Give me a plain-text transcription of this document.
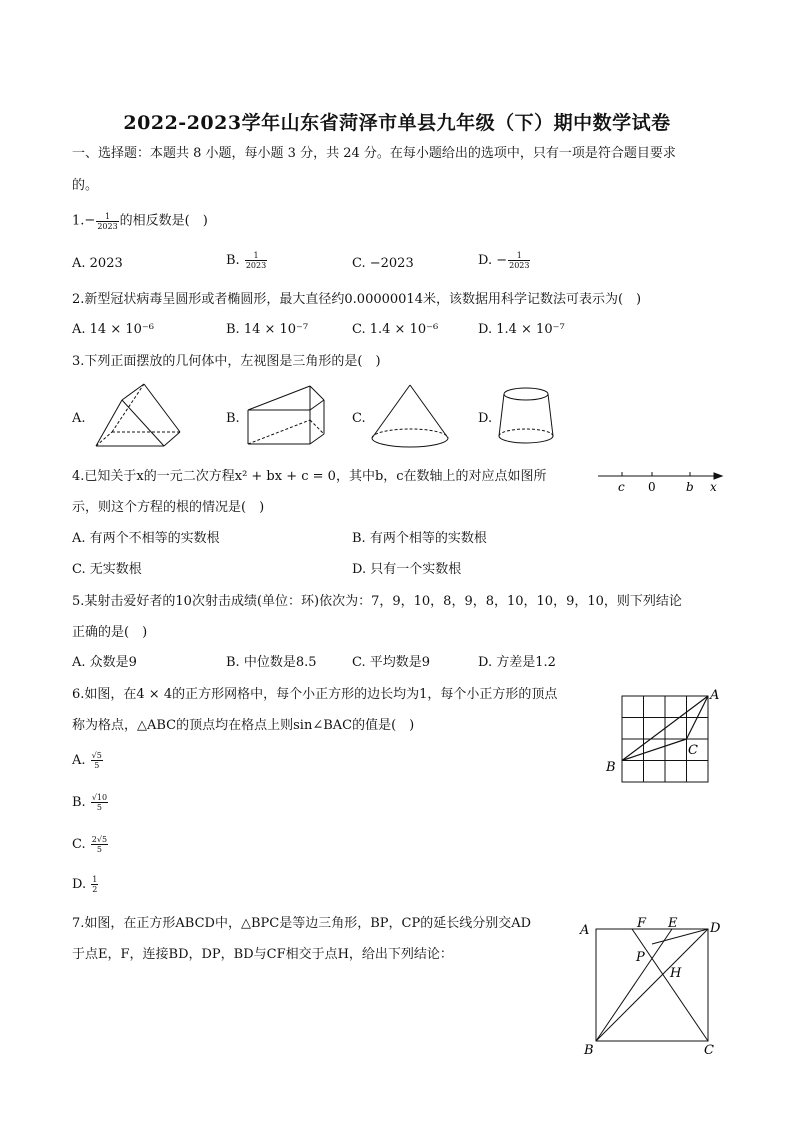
2022-2023学年山东省菏泽市单县九年级（下）期中数学试卷
一、选择题：本题共 8 小题，每小题 3 分，共 24 分。在每小题给出的选项中，只有一项是符合题目要求
的。
$1.- \frac{1}{2023}$ 的相反数是(　)
A. 2023	B. $\frac{1}{2023}$	C. −2023	D. − $\frac{1}{2023}$
2.新型冠状病毒呈圆形或者椭圆形，最大直径约0.00000014米，该数据用科学记数法可表示为(　)
A. 14 × 10⁻⁶	B. 14 × 10⁻⁷	C. 1.4 × 10⁻⁶	D. 1.4 × 10⁻⁷
3.下列正面摆放的几何体中，左视图是三角形的是(　)
A.	B.	C.	D.
4.已知关于x的一元二次方程x² + bx + c = 0，其中b，c在数轴上的对应点如图所
示，则这个方程的根的情况是(　)
c 0	b x
A. 有两个不相等的实数根	B. 有两个相等的实数根
C. 无实数根	D. 只有一个实数根
5.某射击爱好者的10次射击成绩(单位：环)依次为：7，9，10，8，9，8，10，10，9，10，则下列结论
正确的是(　)
A. 众数是9	B. 中位数是8.5	C. 平均数是9	D. 方差是1.2
6.如图，在4 × 4的正方形网格中，每个小正方形的边长均为1，每个小正方形的顶点
称为格点，△ABC的顶点均在格点上则sin∠BAC的值是(　)
A. $\frac{√5}{5}$
B. $\frac{√10}{5}$
C. $\frac{2√5}{5}$
D. $\frac{1}{2}$
A
B
C
7.如图，在正方形ABCD中，△BPC是等边三角形，BP，CP的延长线分别交AD
于点E，F，连接BD，DP，BD与CF相交于点H，给出下列结论：
A	F E	D
P
H
B	C
